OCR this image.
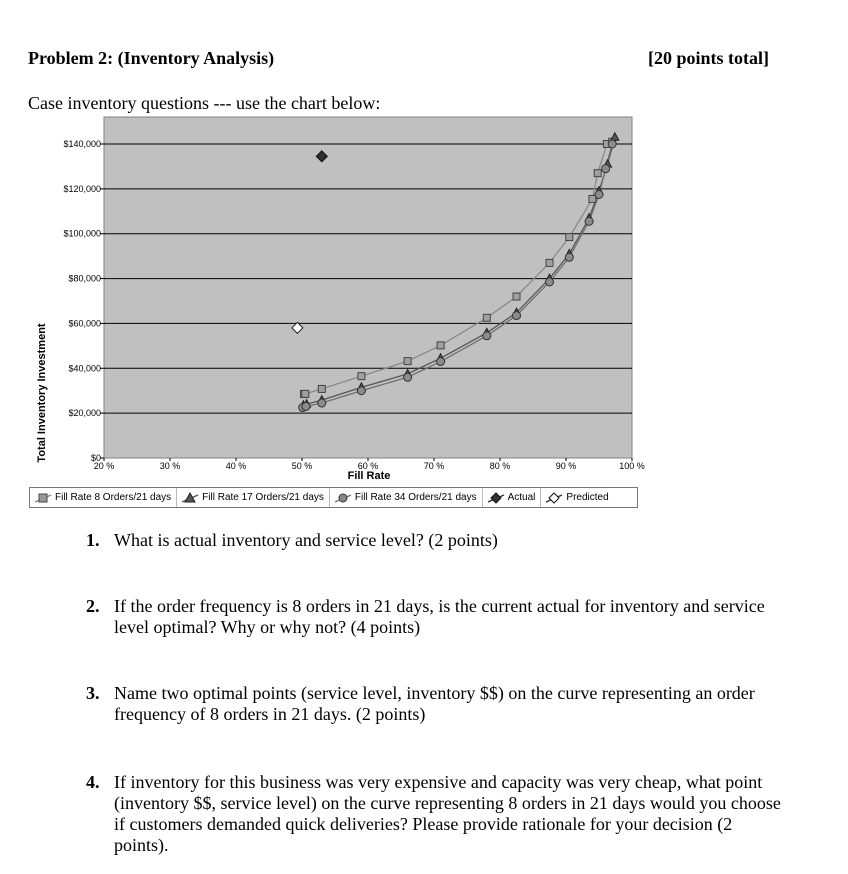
Problem 2: (Inventory Analysis)	[20 points total]
Case inventory questions --- use the chart below:
$0
$20,000
$40,000
$60,000
$80,000
$100,000
$120,000
$140,000
20 %	30 %	40 %	50 %	60 %	70 %	80 %	90 %	100 %
Total Inventory Investment
Fill Rate
Fill Rate 8 Orders/21 days	Fill Rate 17 Orders/21 days	Fill Rate 34 Orders/21 days	Actual	Predicted
1. What is actual inventory and service level? (2 points)
2. If the order frequency is 8 orders in 21 days, is the current actual for inventory and service level optimal? Why or why not? (4 points)
3. Name two optimal points (service level, inventory $$) on the curve representing an order frequency of 8 orders in 21 days. (2 points)
4. If inventory for this business was very expensive and capacity was very cheap, what point (inventory $$, service level) on the curve representing 8 orders in 21 days would you choose if customers demanded quick deliveries? Please provide rationale for your decision (2 points).
